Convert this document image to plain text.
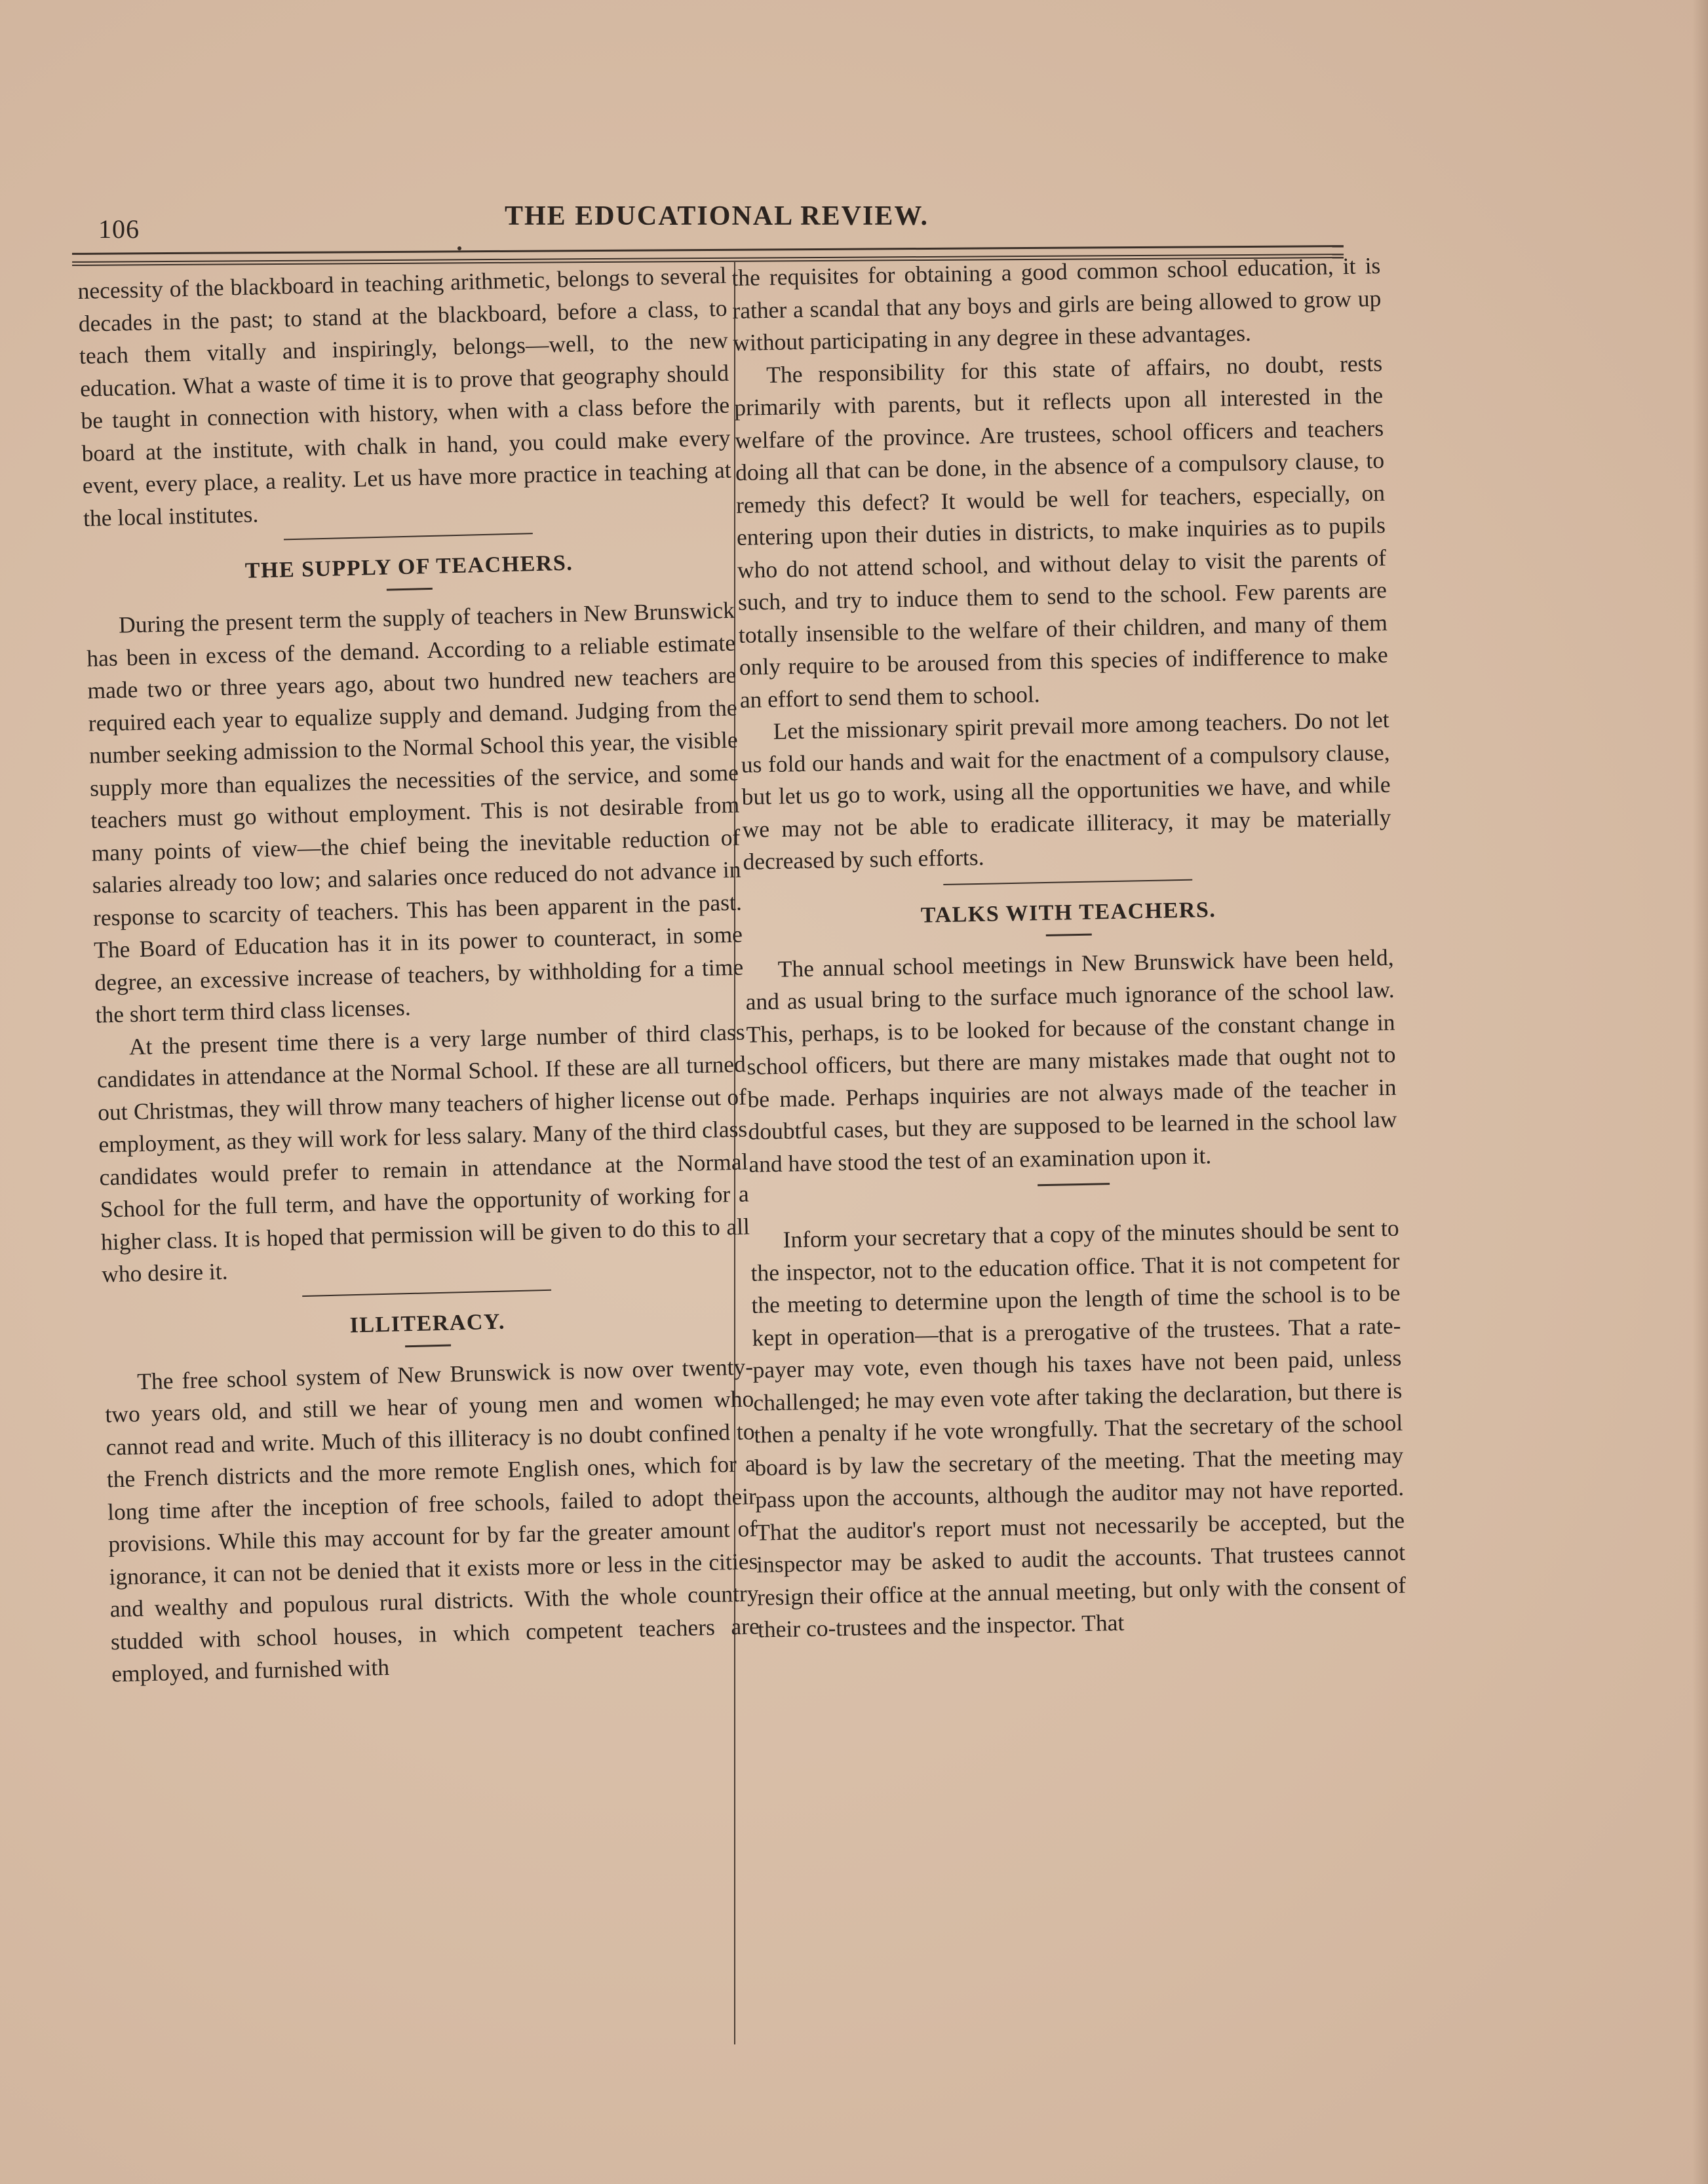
106	THE EDUCATIONAL REVIEW.

necessity of the blackboard in teaching arithmetic, belongs to several decades in the past; to stand at the blackboard, before a class, to teach them vitally and inspiringly, belongs—well, to the new education. What a waste of time it is to prove that geography should be taught in connection with history, when with a class before the board at the institute, with chalk in hand, you could make every event, every place, a reality. Let us have more practice in teaching at the local institutes.

THE SUPPLY OF TEACHERS.

During the present term the supply of teachers in New Brunswick has been in excess of the demand. According to a reliable estimate made two or three years ago, about two hundred new teachers are required each year to equalize supply and demand. Judging from the number seeking admission to the Normal School this year, the visible supply more than equalizes the necessities of the service, and some teachers must go without employment. This is not desirable from many points of view—the chief being the inevitable reduction of salaries already too low; and salaries once reduced do not advance in response to scarcity of teachers. This has been apparent in the past. The Board of Education has it in its power to counteract, in some degree, an excessive increase of teachers, by withholding for a time the short term third class licenses.

At the present time there is a very large number of third class candidates in attendance at the Normal School. If these are all turned out Christmas, they will throw many teachers of higher license out of employment, as they will work for less salary. Many of the third class candidates would prefer to remain in attendance at the Normal School for the full term, and have the opportunity of working for a higher class. It is hoped that permission will be given to do this to all who desire it.

ILLITERACY.

The free school system of New Brunswick is now over twenty-two years old, and still we hear of young men and women who cannot read and write. Much of this illiteracy is no doubt confined to the French districts and the more remote English ones, which for a long time after the inception of free schools, failed to adopt their provisions. While this may account for by far the greater amount of ignorance, it can not be denied that it exists more or less in the cities and wealthy and populous rural districts. With the whole country studded with school houses, in which competent teachers are employed, and furnished with

the requisites for obtaining a good common school education, it is rather a scandal that any boys and girls are being allowed to grow up without participating in any degree in these advantages.

The responsibility for this state of affairs, no doubt, rests primarily with parents, but it reflects upon all interested in the welfare of the province. Are trustees, school officers and teachers doing all that can be done, in the absence of a compulsory clause, to remedy this defect? It would be well for teachers, especially, on entering upon their duties in districts, to make inquiries as to pupils who do not attend school, and without delay to visit the parents of such, and try to induce them to send to the school. Few parents are totally insensible to the welfare of their children, and many of them only require to be aroused from this species of indifference to make an effort to send them to school.

Let the missionary spirit prevail more among teachers. Do not let us fold our hands and wait for the enactment of a compulsory clause, but let us go to work, using all the opportunities we have, and while we may not be able to eradicate illiteracy, it may be materially decreased by such efforts.

TALKS WITH TEACHERS.

The annual school meetings in New Brunswick have been held, and as usual bring to the surface much ignorance of the school law. This, perhaps, is to be looked for because of the constant change in school officers, but there are many mistakes made that ought not to be made. Perhaps inquiries are not always made of the teacher in doubtful cases, but they are supposed to be learned in the school law and have stood the test of an examination upon it.

Inform your secretary that a copy of the minutes should be sent to the inspector, not to the education office. That it is not competent for the meeting to determine upon the length of time the school is to be kept in operation—that is a prerogative of the trustees. That a rate-payer may vote, even though his taxes have not been paid, unless challenged; he may even vote after taking the declaration, but there is then a penalty if he vote wrongfully. That the secretary of the school board is by law the secretary of the meeting. That the meeting may pass upon the accounts, although the auditor may not have reported. That the auditor's report must not necessarily be accepted, but the inspector may be asked to audit the accounts. That trustees cannot resign their office at the annual meeting, but only with the consent of their co-trustees and the inspector. That
